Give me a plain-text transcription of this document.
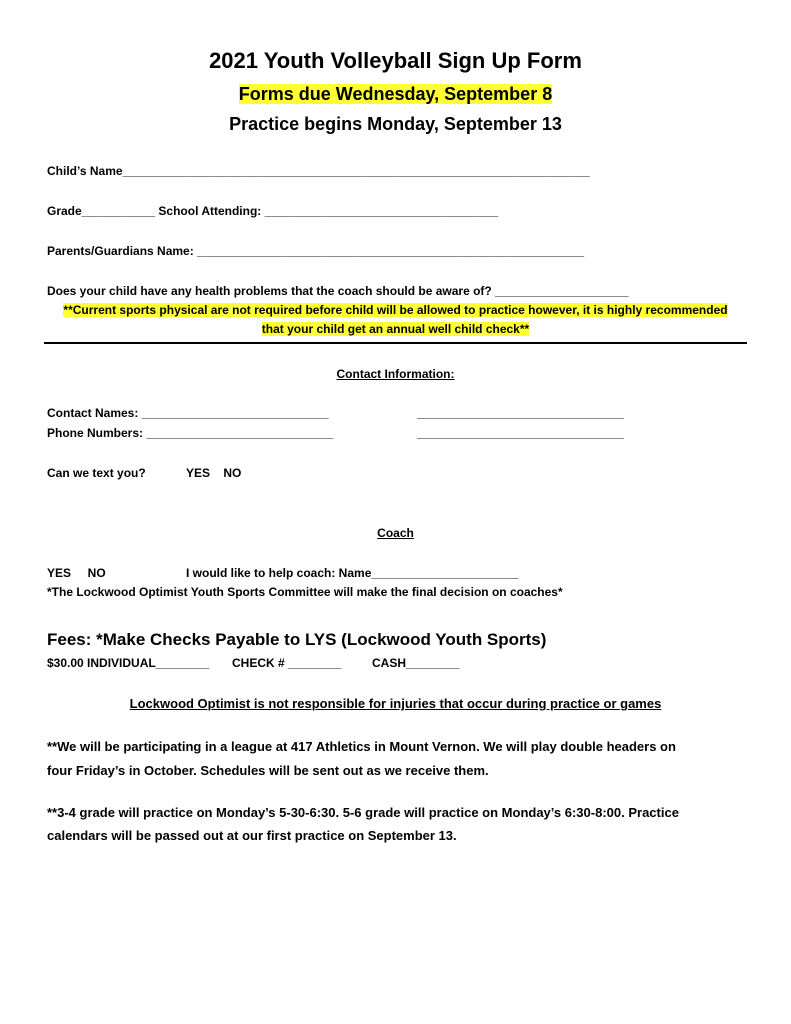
2021 Youth Volleyball Sign Up Form
Forms due Wednesday, September 8
Practice begins Monday, September 13
Child’s Name______________________________________________________________________
Grade___________ School Attending: ___________________________________
Parents/Guardians Name: __________________________________________________________
Does your child have any health problems that the coach should be aware of? ____________________
**Current sports physical are not required before child will be allowed to practice however, it is highly recommended
that your child get an annual well child check**
Contact Information:
Contact Names: ____________________________	_______________________________
Phone Numbers: ____________________________	_______________________________
Can we text you?	YES    NO
Coach
YES     NO	I would like to help coach: Name______________________
*The Lockwood Optimist Youth Sports Committee will make the final decision on coaches*
Fees: *Make Checks Payable to LYS (Lockwood Youth Sports)
$30.00 INDIVIDUAL________ CHECK # ________	CASH________
Lockwood Optimist is not responsible for injuries that occur during practice or games
**We will be participating in a league at 417 Athletics in Mount Vernon. We will play double headers on
four Friday’s in October. Schedules will be sent out as we receive them.
**3-4 grade will practice on Monday’s 5-30-6:30. 5-6 grade will practice on Monday’s 6:30-8:00. Practice
calendars will be passed out at our first practice on September 13.
